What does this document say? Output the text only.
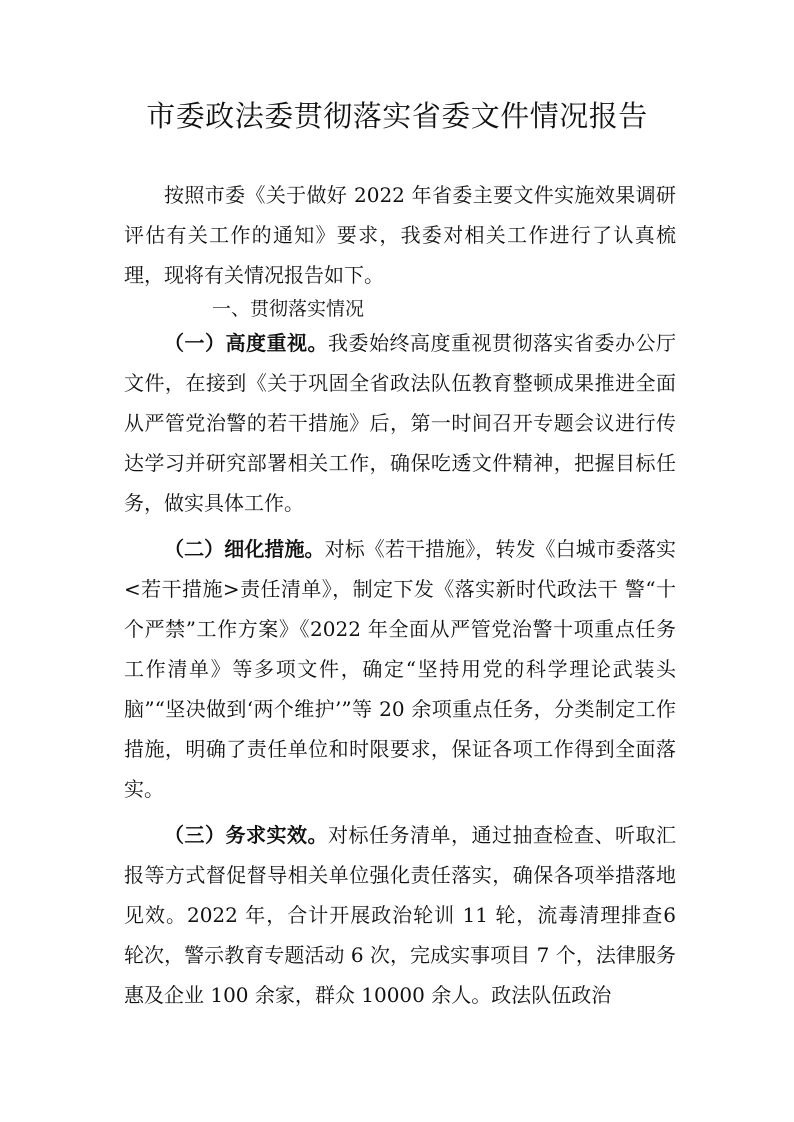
市委政法委贯彻落实省委文件情况报告

按照市委《关于做好 2022 年省委主要文件实施效果调研评估有关工作的通知》要求，我委对相关工作进行了认真梳理，现将有关情况报告如下。

一、贯彻落实情况

（一）高度重视。我委始终高度重视贯彻落实省委办公厅文件，在接到《关于巩固全省政法队伍教育整顿成果推进全面从严管党治警的若干措施》后，第一时间召开专题会议进行传达学习并研究部署相关工作，确保吃透文件精神，把握目标任务，做实具体工作。

（二）细化措施。对标《若干措施》，转发《白城市委落实<若干措施>责任清单》，制定下发《落实新时代政法干 警“十个严禁”工作方案》《2022 年全面从严管党治警十项重点任务工作清单》等多项文件，确定“坚持用党的科学理论武装头脑”“坚决做到‘两个维护’”等 20 余项重点任务，分类制定工作措施，明确了责任单位和时限要求，保证各项工作得到全面落实。

（三）务求实效。对标任务清单，通过抽查检查、听取汇报等方式督促督导相关单位强化责任落实，确保各项举措落地见效。2022 年，合计开展政治轮训 11 轮，流毒清理排查6 轮次，警示教育专题活动 6 次，完成实事项目 7 个，法律服务惠及企业 100 余家，群众 10000 余人。政法队伍政治
